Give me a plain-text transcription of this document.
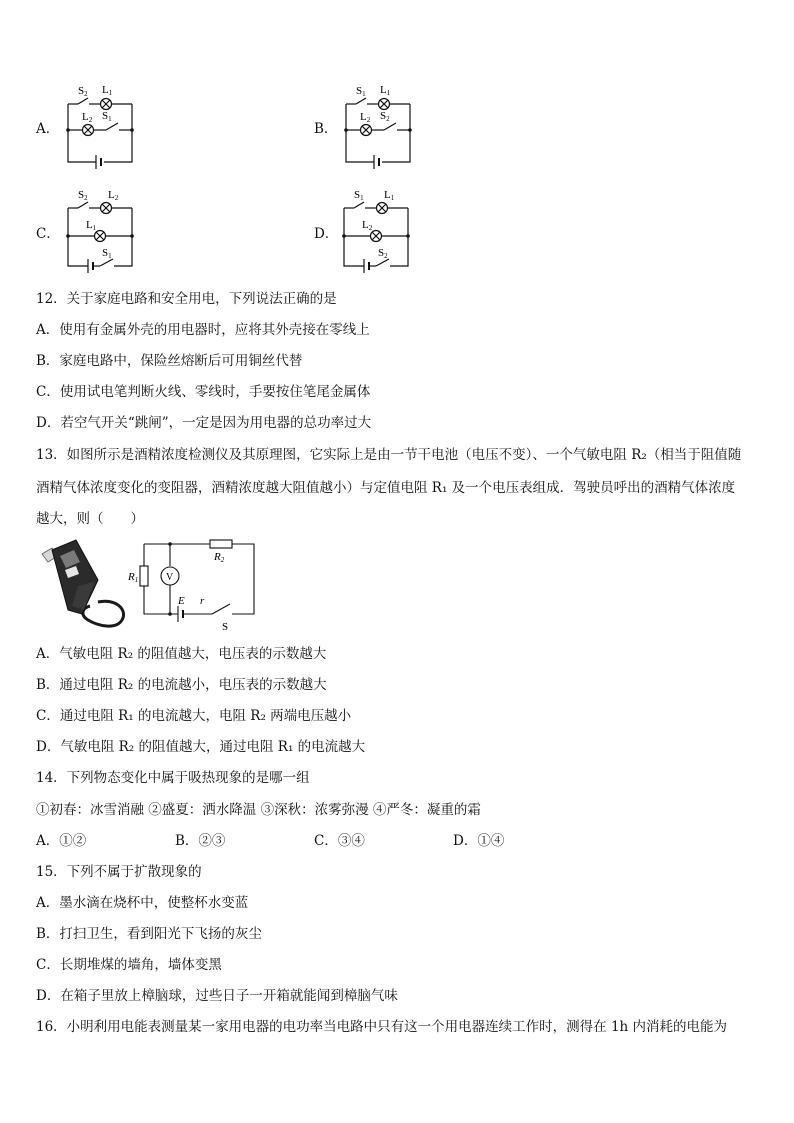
A．
S2 L1
L2 S1
B．
S1 L1
L2 S2
C．
S2 L2
L1
S1
D．
S1 L1
L2
S2
12．关于家庭电路和安全用电，下列说法正确的是
A．使用有金属外壳的用电器时，应将其外壳接在零线上
B．家庭电路中，保险丝熔断后可用铜丝代替
C．使用试电笔判断火线、零线时，手要按住笔尾金属体
D．若空气开关“跳闸”，一定是因为用电器的总功率过大
13．如图所示是酒精浓度检测仪及其原理图，它实际上是由一节干电池（电压不变）、一个气敏电阻 R₂（相当于阻值随
酒精气体浓度变化的变阻器，酒精浓度越大阻值越小）与定值电阻 R₁ 及一个电压表组成．驾驶员呼出的酒精气体浓度
越大，则（　　）
R1
R2
V
E r
S
A．气敏电阻 R₂ 的阻值越大，电压表的示数越大
B．通过电阻 R₂ 的电流越小，电压表的示数越大
C．通过电阻 R₁ 的电流越大，电阻 R₂ 两端电压越小
D．气敏电阻 R₂ 的阻值越大，通过电阻 R₁ 的电流越大
14．下列物态变化中属于吸热现象的是哪一组
①初春：冰雪消融 ②盛夏：洒水降温 ③深秋：浓雾弥漫 ④严冬：凝重的霜
A．①②	B．②③	C．③④	D．①④
15．下列不属于扩散现象的
A．墨水滴在烧杯中，使整杯水变蓝
B．打扫卫生，看到阳光下飞扬的灰尘
C．长期堆煤的墙角，墙体变黑
D．在箱子里放上樟脑球，过些日子一开箱就能闻到樟脑气味
16．小明利用电能表测量某一家用电器的电功率当电路中只有这一个用电器连续工作时，测得在 1h 内消耗的电能为
